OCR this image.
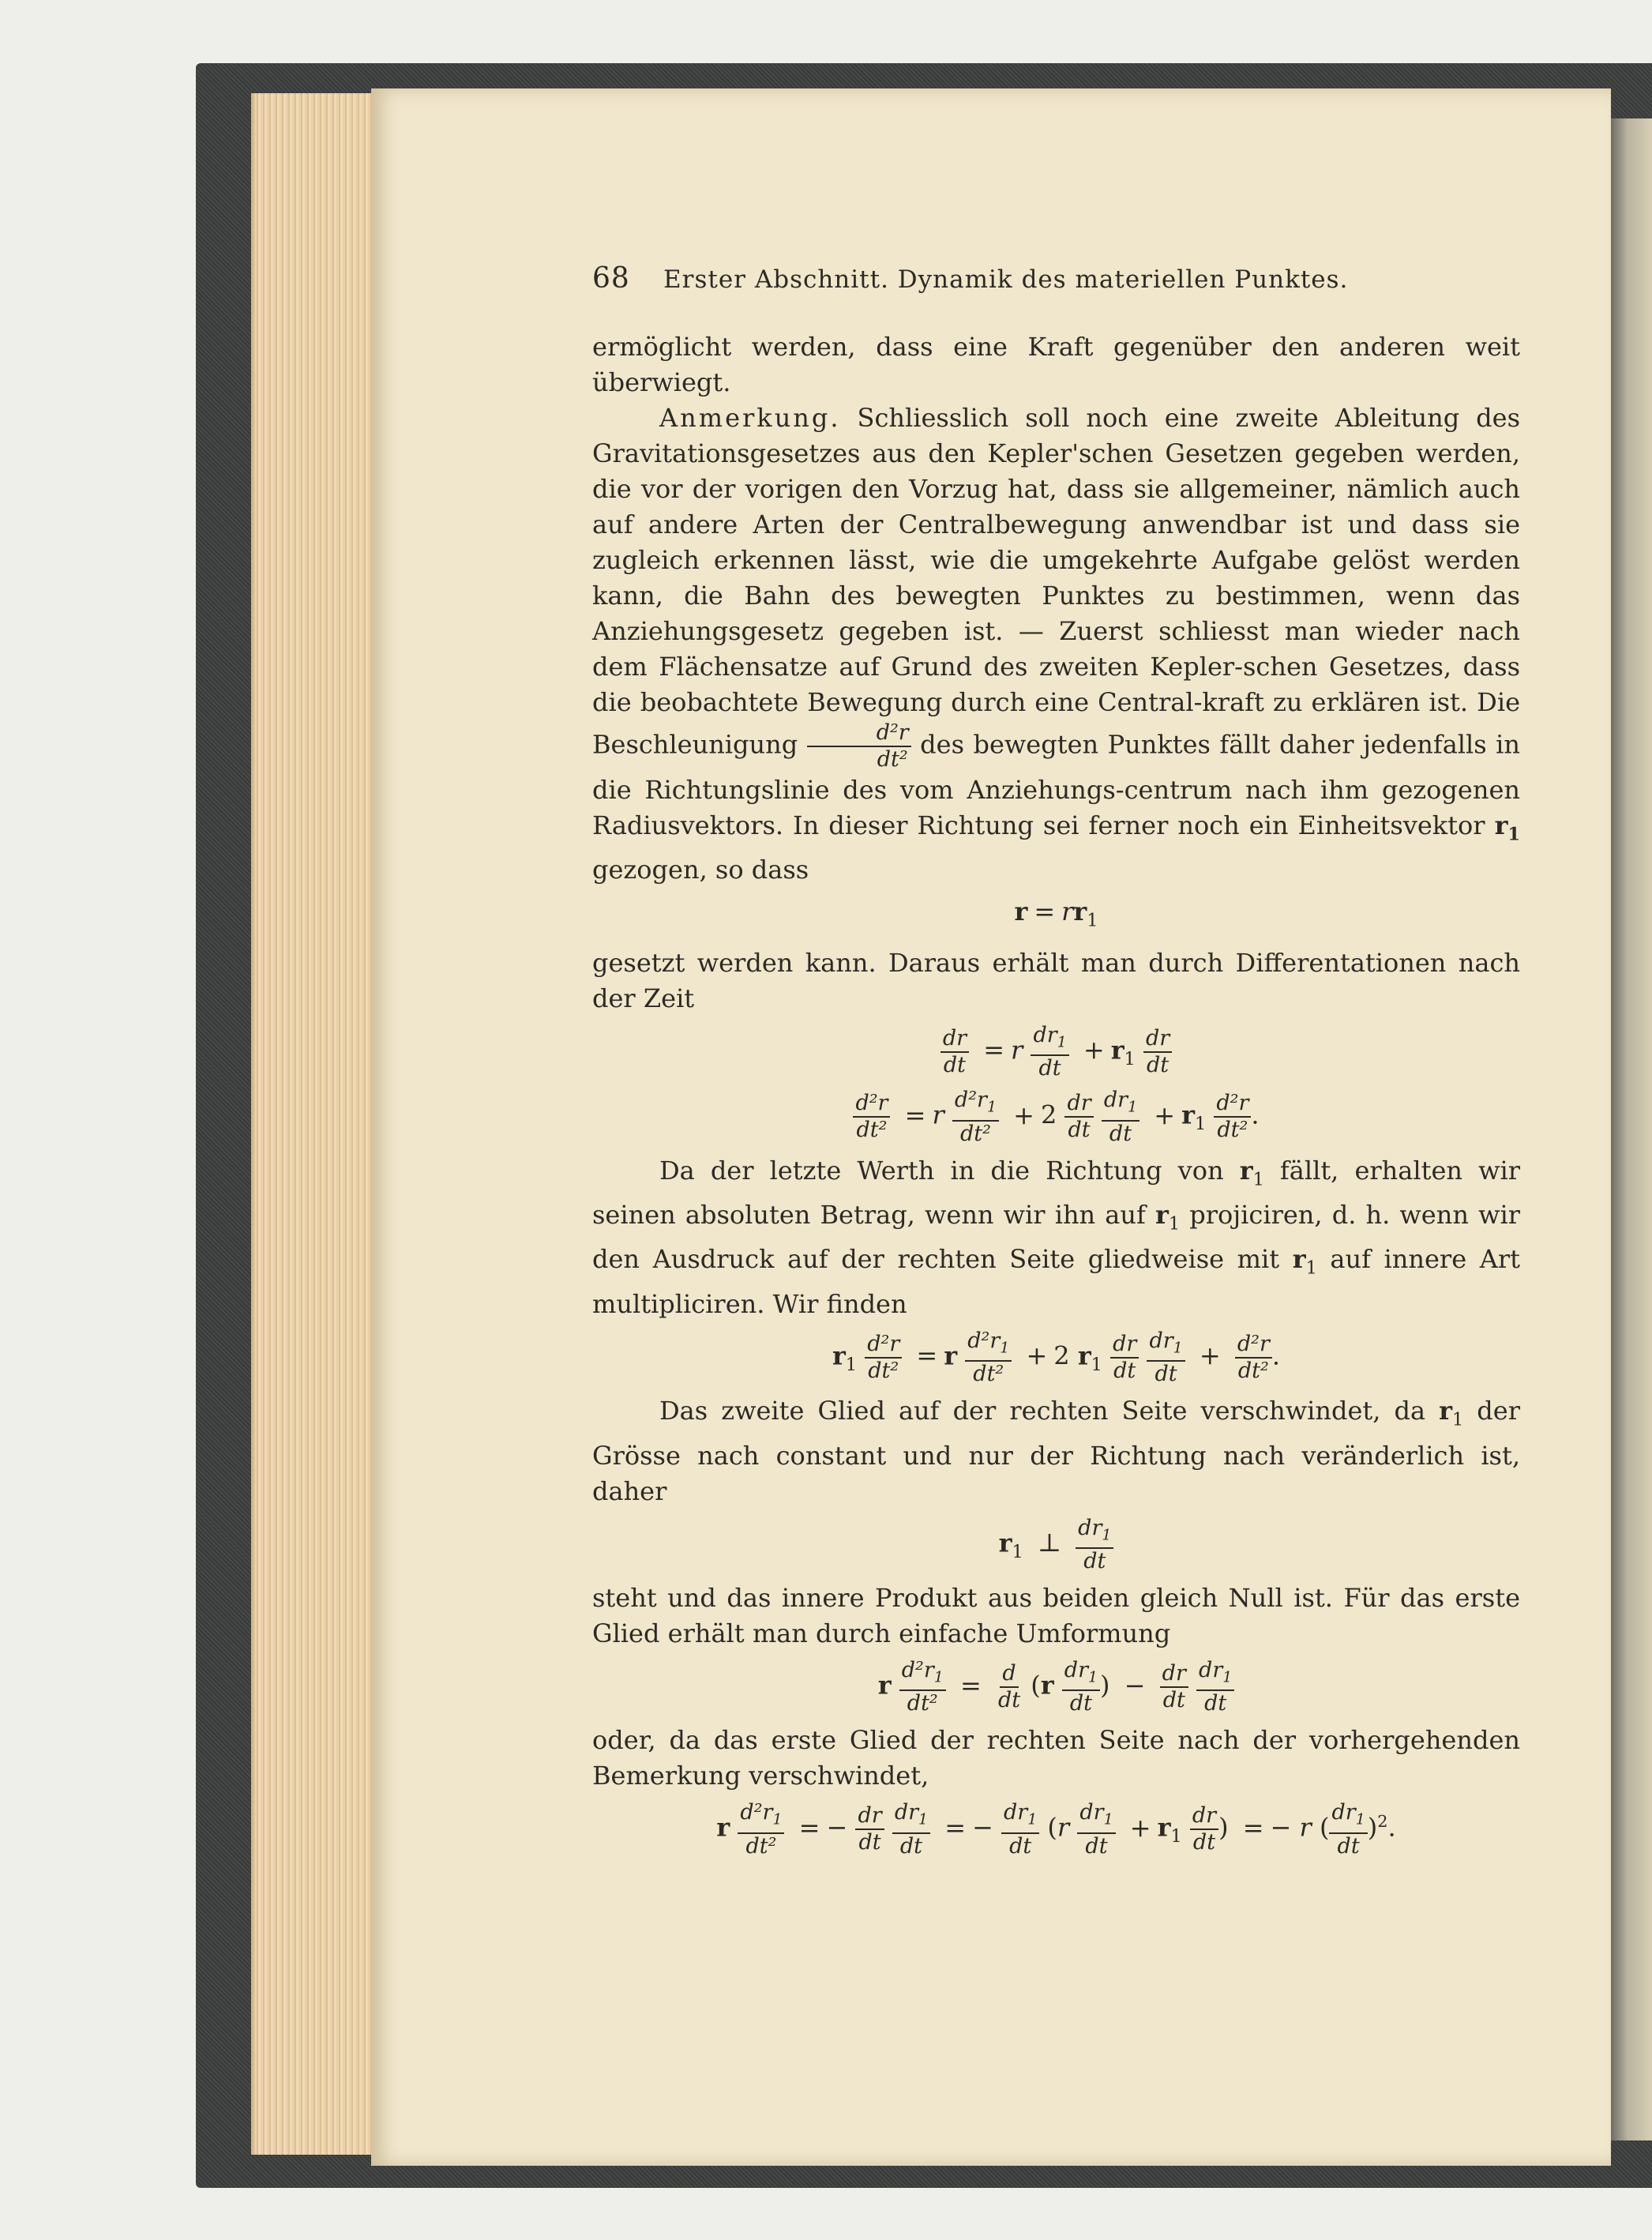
68	Erster Abschnitt. Dynamik des materiellen Punktes.

ermöglicht werden, dass eine Kraft gegenüber den anderen weit überwiegt.

Anmerkung. Schliesslich soll noch eine zweite Ableitung des Gravitationsgesetzes aus den Kepler'schen Gesetzen gegeben werden, die vor der vorigen den Vorzug hat, dass sie allgemeiner, nämlich auch auf andere Arten der Centralbewegung anwendbar ist und dass sie zugleich erkennen lässt, wie die umgekehrte Aufgabe gelöst werden kann, die Bahn des bewegten Punktes zu bestimmen, wenn das Anziehungsgesetz gegeben ist. — Zuerst schliesst man wieder nach dem Flächensatze auf Grund des zweiten Kepler-schen Gesetzes, dass die beobachtete Bewegung durch eine Central-kraft zu erklären ist. Die Beschleunigung $\frac{\text{d²r}}{\text{dt²}}$ des bewegten Punktes fällt daher jedenfalls in die Richtungslinie des vom Anziehungs-centrum nach ihm gezogenen Radiusvektors. In dieser Richtung sei ferner noch ein Einheitsvektor $r_1$ gezogen, so dass

$r = rr_1$

gesetzt werden kann. Daraus erhält man durch Differentationen nach der Zeit

$\frac{dr}{dt} = r \frac{dr_1}{dt} + r_1 \frac{dr}{dt}$
$\frac{\text{d²r}}{\text{dt²}} = r \frac{d^2r_1}{\text{dt²}} + 2 \frac{dr}{dt}$
$\frac{dr_1}{dt} + r_1 \frac{\text{d²r}}{\text{dt²}}$ .

Da der letzte Werth in die Richtung von $r_1$ fällt, erhalten wir seinen absoluten Betrag, wenn wir ihn auf $r_1$ projiciren, d. h. wenn wir den Ausdruck auf der rechten Seite gliedweise mit $r_1$ auf innere Art multipliciren. Wir finden

$r_1 \frac{\text{d²r}}{\text{dt²}} = r \frac{d^2r_1}{\text{dt²}} + 2$ $r_1 \frac{dr}{dt}$
$\frac{dr_1}{dt} + \frac{\text{d²r}}{\text{dt²}}$ .

Das zweite Glied auf der rechten Seite verschwindet, da $r_1$ der Grösse nach constant und nur der Richtung nach veränderlich ist, daher

$r_1$ ⊥ $\frac{dr_1}{dt}$

steht und das innere Produkt aus beiden gleich Null ist. Für das erste Glied erhält man durch einfache Umformung

r $\frac{d^2r_1}{\text{dt²}} = \frac{d}{dt} (r \frac{dr_1}{dt}$ ) − $\frac{dr}{dt}$
$\frac{dr_1}{dt}$

oder, da das erste Glied der rechten Seite nach der vorhergehenden Bemerkung verschwindet,

r $\frac{d^2r_1}{\text{dt²}}$ = − $\frac{dr}{dt}$
$\frac{dr_1}{dt}$ = − $\frac{dr_1}{dt} (r \frac{dr_1}{dt} + r_1 \frac{dr}{dt}$ ) = − r ( $\frac{dr_1}{dt} )^2$.
